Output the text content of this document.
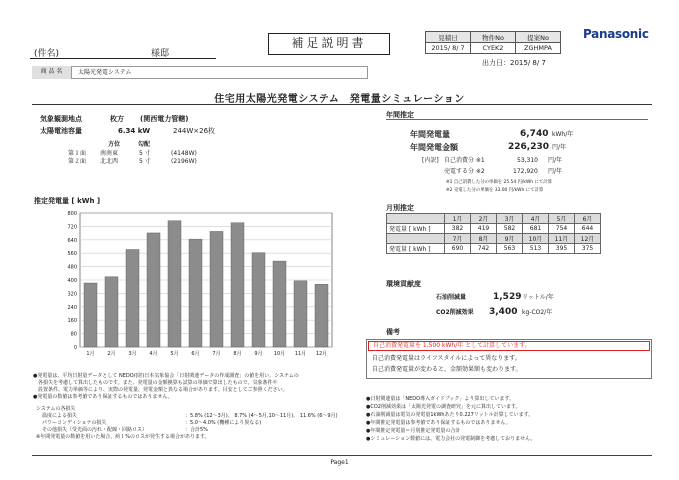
補足説明書	見積日	物件No	提案No
2015/ 8/ 7	CYEK2	ZGHMPA
Panasonic
出力日：2015/ 8/ 7
(件名)	様邸
商 品 名	太陽光発電システム
住宅用太陽光発電システム　発電量シミュレーション
気象観測地点	枚方 (関西電力管轄)
太陽電池容量	6.34 kW	244W×26枚
方位	勾配
第１面 南南東	5 寸	(4148W)
第２面 北北西	5 寸	(2196W)
推定発電量 [ kWh ]
0
80
160
240
320
400
480
560
640
720
800
1月	2月	3月	4月	5月	6月	7月	8月	9月 10月 11月 12月
年間推定
年間発電量	6,740 kWh/年
年間発電金額	226,230 円/年
[内訳] 自己消費分 ※1	53,310 円/年
売電する分 ※2	172,920 円/年
※1 自己消費した分の単価を 25.54 円/kWh にて計算
※2 売電した分の単価を 33.00 円/kWh にて計算
月別推定
	1月	2月	3月	4月	5月	6月
発電量 [ kWh ]	382	419	582	681	754	644
	7月	8月	9月	10月	11月	12月
発電量 [ kWh ]	690	742	563	513	395	375
環境貢献度
石油削減量	1,529 リットル/年
CO2削減効果 3,400 kg-CO2/年
備考
自己消費発電量を 1,500 kWh/年 として計算しています。
自己消費発電量はライフスタイルによって異なります。
自己消費発電量が変わると、金額効果額も変わります。
●発電量は、平均日射量データとして NEDO/(財)日本気象協会「日射関連データの作成調査」の値を用い、システムの
各損失を考慮して算出したものです。また、発電量の金額換算も試算の単価で算出したもので、気象条件や
設置条件、電力単価等により、実際の発電量、発電金額と異なる場合があります。目安としてご参照ください。
●発電量の数値は参考値であり保証するものではありません。
システムの各損失
温度による損失	：5.8% (12～3月)、 8.7% (4～5月,10～11月)、 11.6% (6～9月)
パワーコンディショナの損失	：5.0～4.0% (機種により異なる)
その他損失（受光面の汚れ・配線・回路ロス）	：合計5%
※年間発電量の数値を用いた場合、約１%のロスが発生する場合があります。
●日射関連量は「NEDO導入ガイドブック」より算出しています。
●CO2削減効果は「太陽光発電の調査研究」を元に算出しています。
●石油削減量は電気の発電量1kWhあたり0.227リットル計算しています。
●年間推定発電量は参考値であり保証するものではありません。
●年間推定発電量＝月別推定発電量の合計
●シミュレーション数値には、電力会社の発電制御を考慮しておりません。
Page1
